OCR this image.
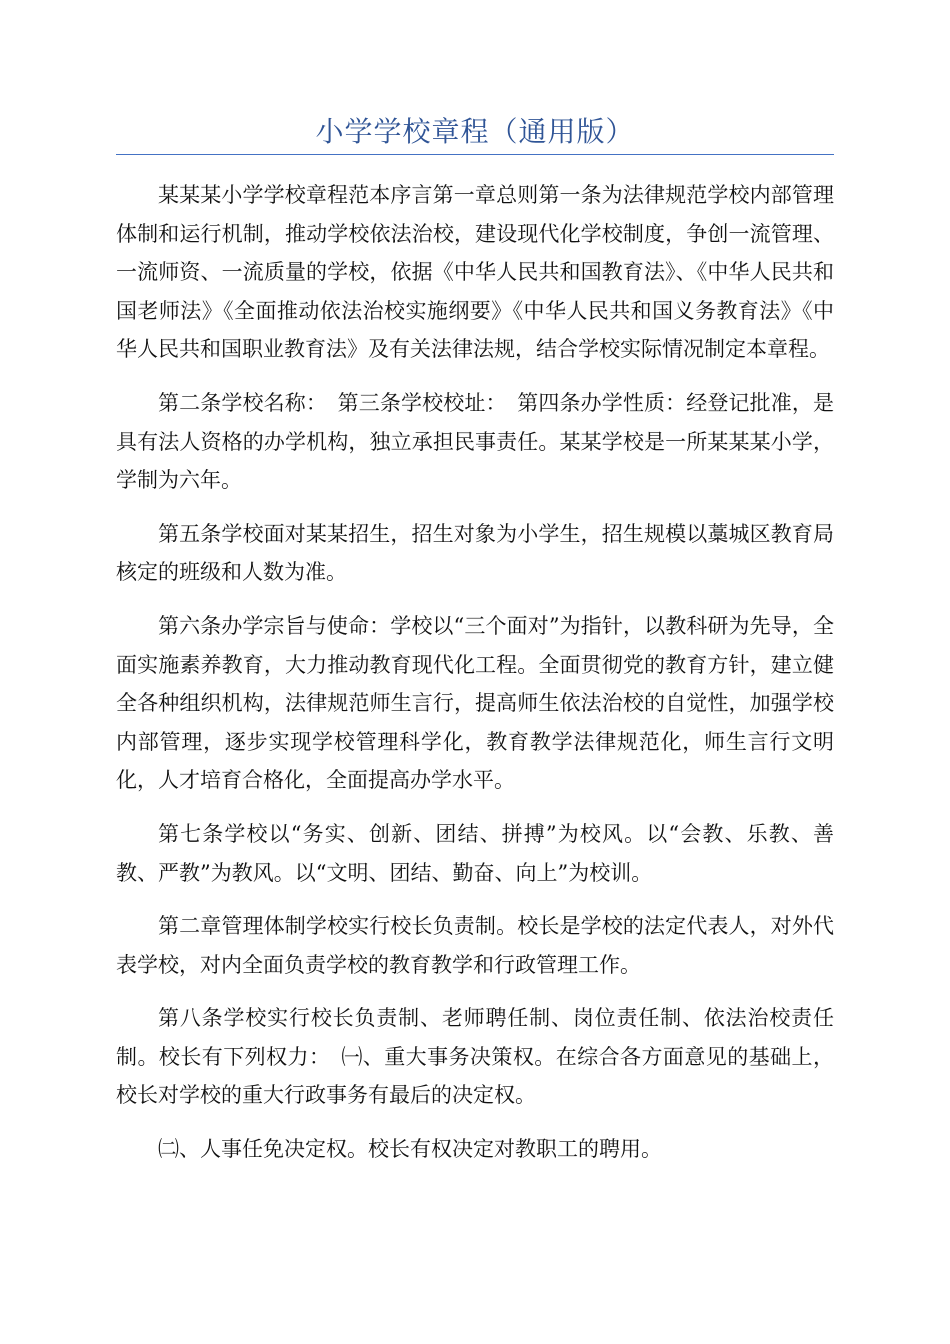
小学学校章程（通用版）

某某某小学学校章程范本序言第一章总则第一条为法律规范学校内部管理体制和运行机制，推动学校依法治校，建设现代化学校制度，争创一流管理、一流师资、一流质量的学校，依据《中华人民共和国教育法》、《中华人民共和国老师法》《全面推动依法治校实施纲要》《中华人民共和国义务教育法》《中华人民共和国职业教育法》及有关法律法规，结合学校实际情况制定本章程。

第二条学校名称：　第三条学校校址：　第四条办学性质：经登记批准，是具有法人资格的办学机构，独立承担民事责任。某某学校是一所某某某小学，学制为六年。

第五条学校面对某某招生，招生对象为小学生，招生规模以藁城区教育局核定的班级和人数为准。

第六条办学宗旨与使命：学校以“三个面对”为指针，以教科研为先导，全面实施素养教育，大力推动教育现代化工程。全面贯彻党的教育方针，建立健全各种组织机构，法律规范师生言行，提高师生依法治校的自觉性，加强学校内部管理，逐步实现学校管理科学化，教育教学法律规范化，师生言行文明化，人才培育合格化，全面提高办学水平。

第七条学校以“务实、创新、团结、拼搏”为校风。以“会教、乐教、善教、严教”为教风。以“文明、团结、勤奋、向上”为校训。

第二章管理体制学校实行校长负责制。校长是学校的法定代表人，对外代表学校，对内全面负责学校的教育教学和行政管理工作。

第八条学校实行校长负责制、老师聘任制、岗位责任制、依法治校责任制。校长有下列权力：　㈠、重大事务决策权。在综合各方面意见的基础上，校长对学校的重大行政事务有最后的决定权。

㈡、人事任免决定权。校长有权决定对教职工的聘用。
